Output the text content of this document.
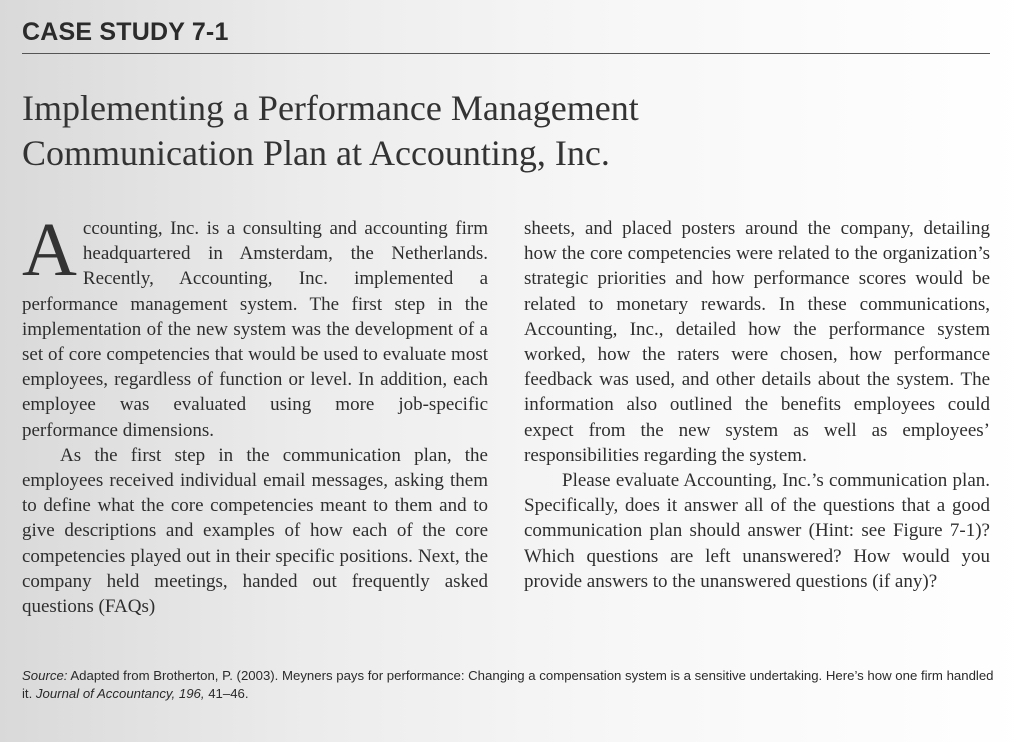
CASE STUDY 7-1
Implementing a Performance Management
Communication Plan at Accounting, Inc.

Accounting, Inc. is a consulting and accounting firm headquartered in Amsterdam, the Netherlands. Recently, Accounting, Inc. implemented a performance management system. The first step in the implementation of the new system was the development of a set of core competencies that would be used to evaluate most employees, regardless of function or level. In addition, each employee was evaluated using more job-specific performance dimensions.

As the first step in the communication plan, the employees received individual email messages, asking them to define what the core competencies meant to them and to give descriptions and examples of how each of the core competencies played out in their specific positions. Next, the company held meetings, handed out frequently asked questions (FAQs)

sheets, and placed posters around the company, detailing how the core competencies were related to the organization’s strategic priorities and how performance scores would be related to monetary rewards. In these communications, Accounting, Inc., detailed how the performance system worked, how the raters were chosen, how performance feedback was used, and other details about the system. The information also outlined the benefits employees could expect from the new system as well as employees’ responsibilities regarding the system.

Please evaluate Accounting, Inc.’s communication plan. Specifically, does it answer all of the questions that a good communication plan should answer (Hint: see Figure 7-1)? Which questions are left unanswered? How would you provide answers to the unanswered questions (if any)?

Source: Adapted from Brotherton, P. (2003). Meyners pays for performance: Changing a compensation system is a sensitive undertaking. Here’s how one firm handled it. Journal of Accountancy, 196, 41–46.
